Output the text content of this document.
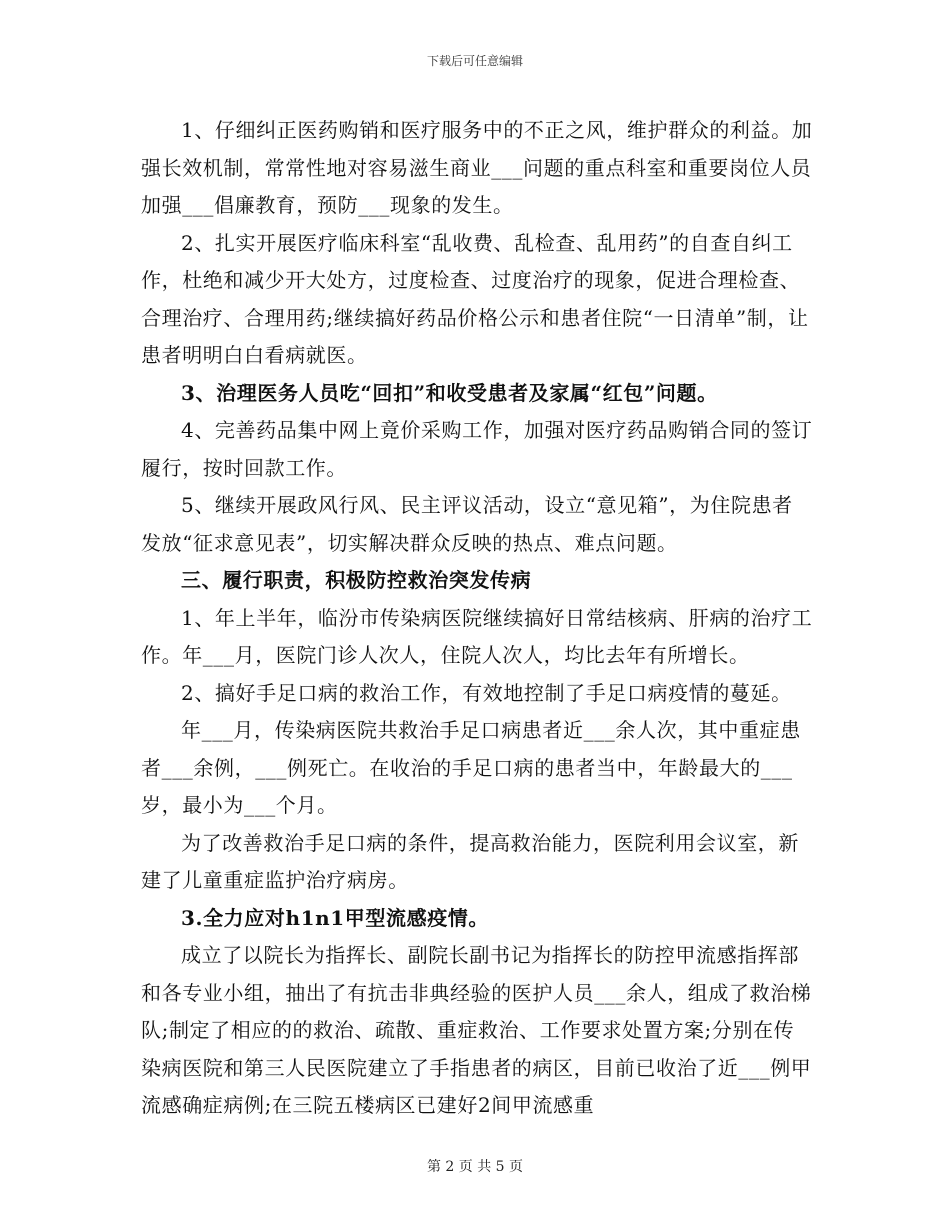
下载后可任意编辑

1、仔细纠正医药购销和医疗服务中的不正之风，维护群众的利益。加强长效机制，常常性地对容易滋生商业___问题的重点科室和重要岗位人员加强___倡廉教育，预防___现象的发生。

2、扎实开展医疗临床科室“乱收费、乱检查、乱用药”的自查自纠工作，杜绝和减少开大处方，过度检查、过度治疗的现象，促进合理检查、合理治疗、合理用药;继续搞好药品价格公示和患者住院“一日清单”制，让患者明明白白看病就医。

3、治理医务人员吃“回扣”和收受患者及家属“红包”问题。

4、完善药品集中网上竟价采购工作，加强对医疗药品购销合同的签订履行，按时回款工作。

5、继续开展政风行风、民主评议活动，设立“意见箱”，为住院患者发放“征求意见表”，切实解决群众反映的热点、难点问题。

三、履行职责，积极防控救治突发传病

1、年上半年，临汾市传染病医院继续搞好日常结核病、肝病的治疗工作。年___月，医院门诊人次人，住院人次人，均比去年有所增长。

2、搞好手足口病的救治工作，有效地控制了手足口病疫情的蔓延。

年___月，传染病医院共救治手足口病患者近___余人次，其中重症患者___余例，___例死亡。在收治的手足口病的患者当中，年龄最大的___岁，最小为___个月。

为了改善救治手足口病的条件，提高救治能力，医院利用会议室，新建了儿童重症监护治疗病房。

3.全力应对h1n1甲型流感疫情。

成立了以院长为指挥长、副院长副书记为指挥长的防控甲流感指挥部和各专业小组，抽出了有抗击非典经验的医护人员___余人，组成了救治梯队;制定了相应的的救治、疏散、重症救治、工作要求处置方案;分别在传染病医院和第三人民医院建立了手指患者的病区，目前已收治了近___例甲流感确症病例;在三院五楼病区已建好2间甲流感重

第 2 页 共 5 页
